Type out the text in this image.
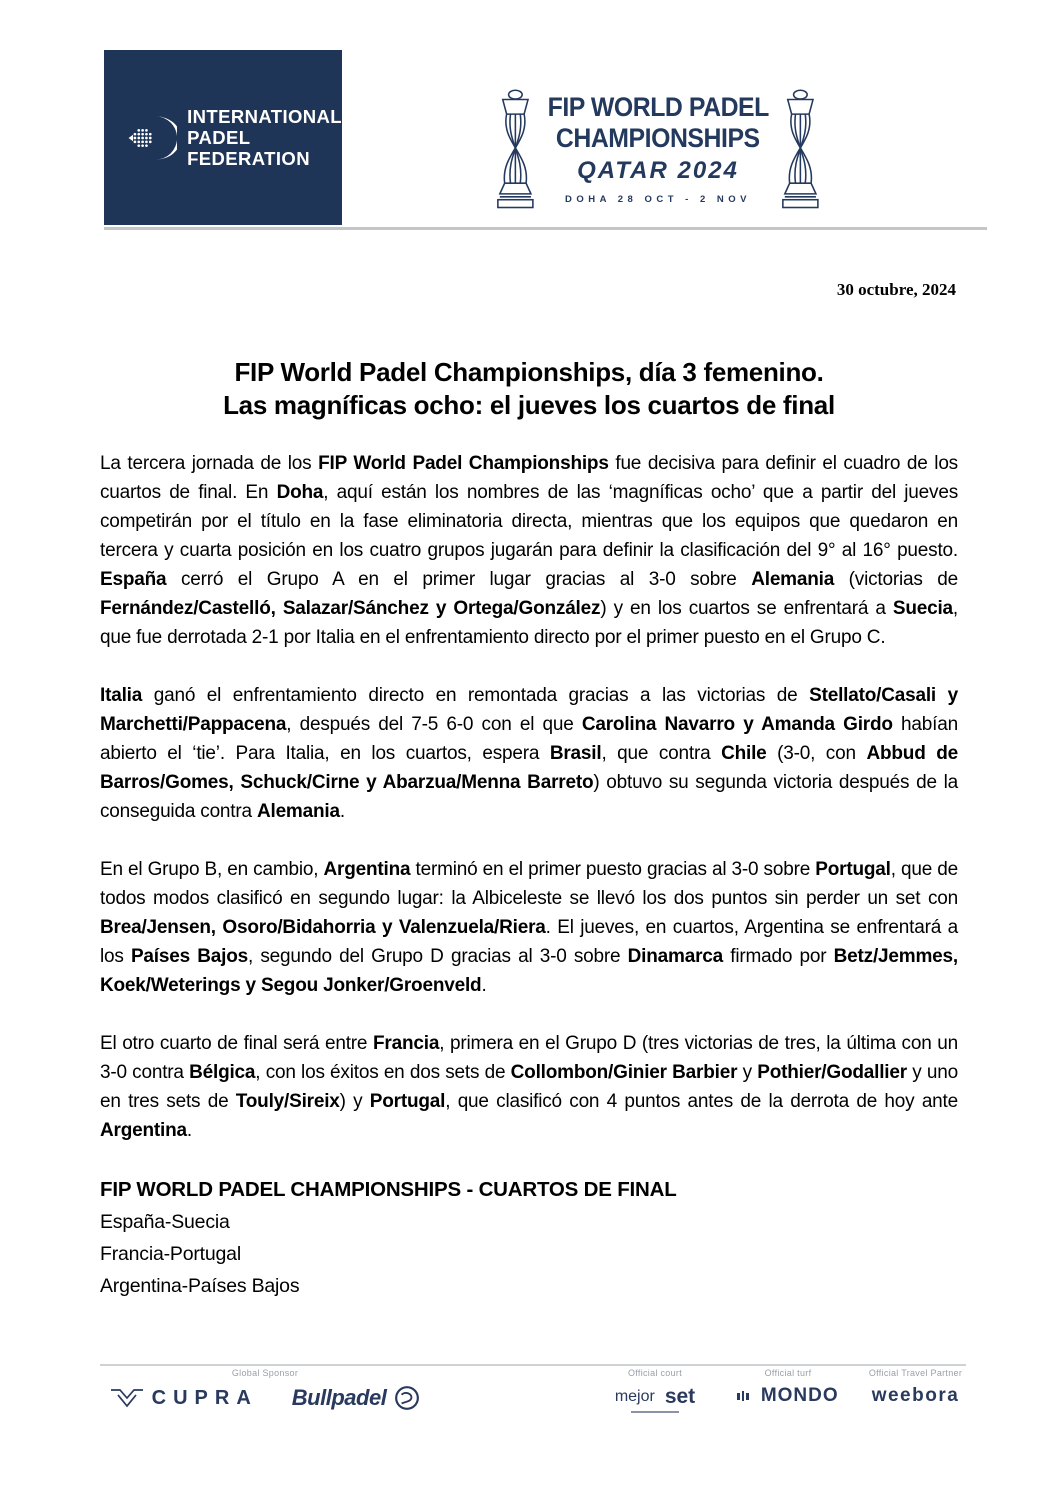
INTERNATIONAL
PADEL
FEDERATION
FIP WORLD PADEL
CHAMPIONSHIPS
QATAR 2024
DOHA 28 OCT - 2 NOV
30 octubre, 2024
FIP World Padel Championships, día 3 femenino.
Las magníficas ocho: el jueves los cuartos de final

La tercera jornada de los FIP World Padel Championships fue decisiva para definir el cuadro de los cuartos de final. En Doha, aquí están los nombres de las ‘magníficas ocho’ que a partir del jueves competirán por el título en la fase eliminatoria directa, mientras que los equipos que quedaron en tercera y cuarta posición en los cuatro grupos jugarán para definir la clasificación del 9° al 16° puesto. España cerró el Grupo A en el primer lugar gracias al 3-0 sobre Alemania (victorias de Fernández/Castelló, Salazar/Sánchez y Ortega/González) y en los cuartos se enfrentará a Suecia, que fue derrotada 2-1 por Italia en el enfrentamiento directo por el primer puesto en el Grupo C.

Italia ganó el enfrentamiento directo en remontada gracias a las victorias de Stellato/Casali y Marchetti/Pappacena, después del 7-5 6-0 con el que Carolina Navarro y Amanda Girdo habían abierto el ‘tie’. Para Italia, en los cuartos, espera Brasil, que contra Chile (3-0, con Abbud de Barros/Gomes, Schuck/Cirne y Abarzua/Menna Barreto) obtuvo su segunda victoria después de la conseguida contra Alemania.

En el Grupo B, en cambio, Argentina terminó en el primer puesto gracias al 3-0 sobre Portugal, que de todos modos clasificó en segundo lugar: la Albiceleste se llevó los dos puntos sin perder un set con Brea/Jensen, Osoro/Bidahorria y Valenzuela/Riera. El jueves, en cuartos, Argentina se enfrentará a los Países Bajos, segundo del Grupo D gracias al 3-0 sobre Dinamarca firmado por Betz/Jemmes, Koek/Weterings y Segou Jonker/Groenveld.

El otro cuarto de final será entre Francia, primera en el Grupo D (tres victorias de tres, la última con un 3-0 contra Bélgica, con los éxitos en dos sets de Collombon/Ginier Barbier y Pothier/Godallier y uno en tres sets de Touly/Sireix) y Portugal, que clasificó con 4 puntos antes de la derrota de hoy ante Argentina.

FIP WORLD PADEL CHAMPIONSHIPS - CUARTOS DE FINAL
España-Suecia
Francia-Portugal
Argentina-Países Bajos
Global Sponsor
CUPRA Bullpadel
Official court
mejor set
Official turf
MONDO
Official Travel Partner
weebora
